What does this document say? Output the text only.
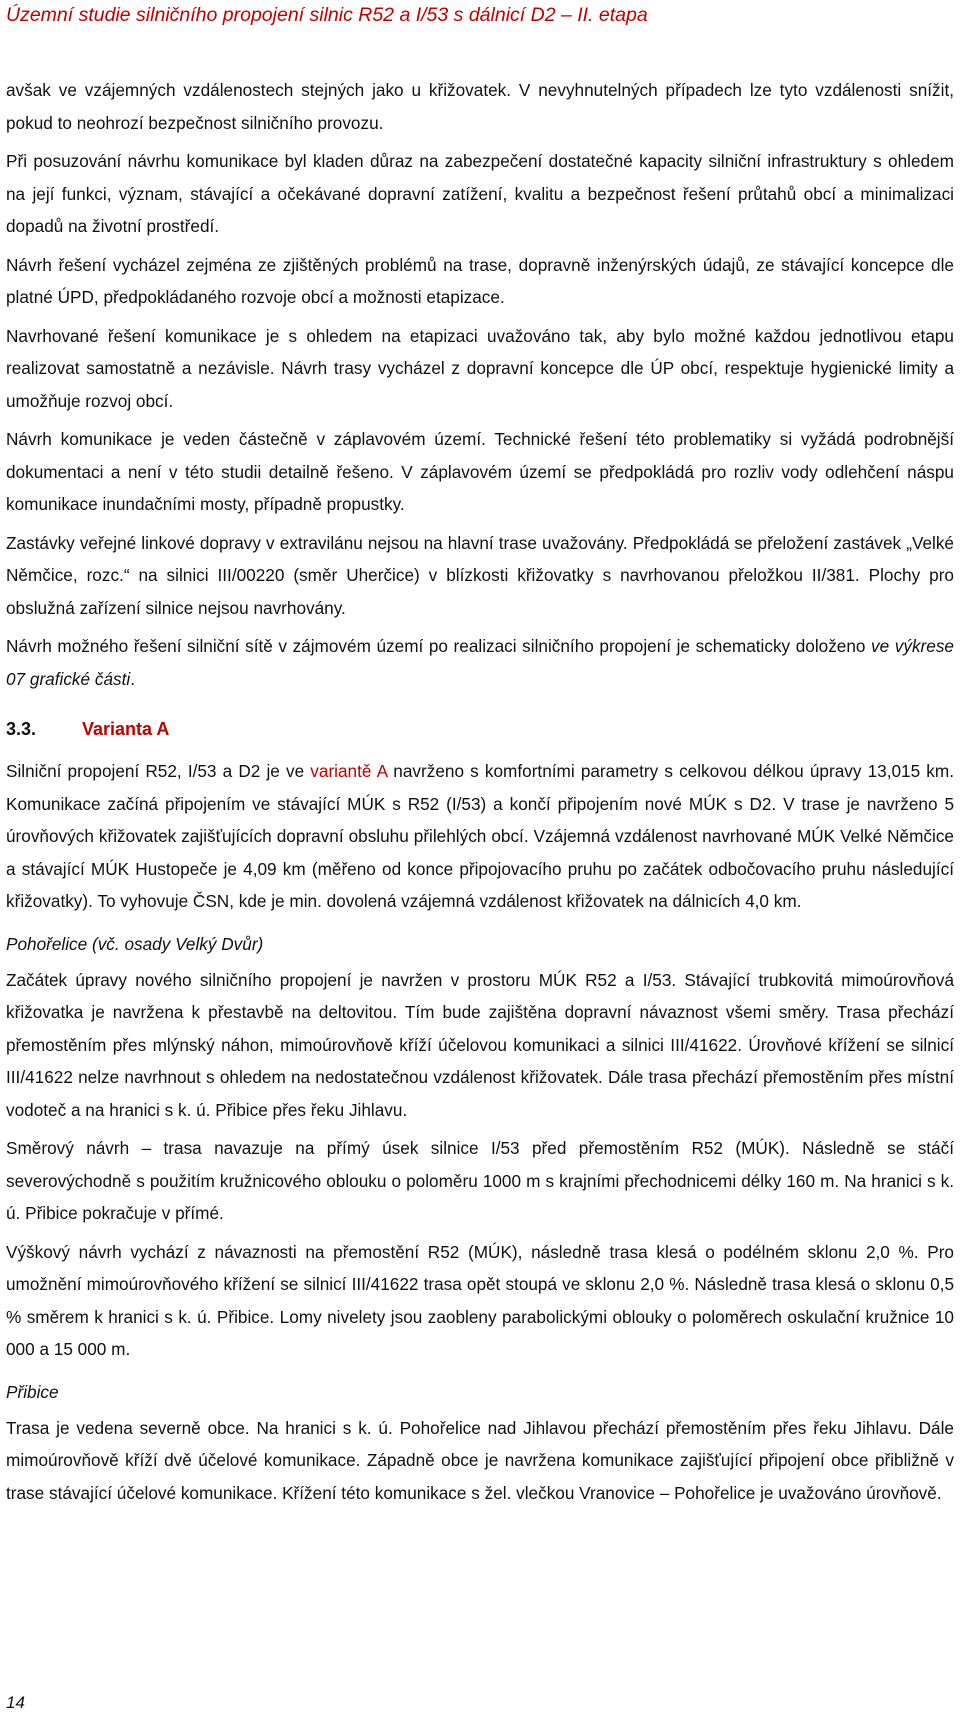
Územní studie silničního propojení silnic R52 a I/53 s dálnicí D2 – II. etapa

avšak ve vzájemných vzdálenostech stejných jako u křižovatek. V nevyhnutelných případech lze tyto vzdálenosti snížit, pokud to neohrozí bezpečnost silničního provozu.

Při posuzování návrhu komunikace byl kladen důraz na zabezpečení dostatečné kapacity silniční infrastruktury s ohledem na její funkci, význam, stávající a očekávané dopravní zatížení, kvalitu a bezpečnost řešení průtahů obcí a minimalizaci dopadů na životní prostředí.

Návrh řešení vycházel zejména ze zjištěných problémů na trase, dopravně inženýrských údajů, ze stávající koncepce dle platné ÚPD, předpokládaného rozvoje obcí a možnosti etapizace.

Navrhované řešení komunikace je s ohledem na etapizaci uvažováno tak, aby bylo možné každou jednotlivou etapu realizovat samostatně a nezávisle. Návrh trasy vycházel z dopravní koncepce dle ÚP obcí, respektuje hygienické limity a umožňuje rozvoj obcí.

Návrh komunikace je veden částečně v záplavovém území. Technické řešení této problematiky si vyžádá podrobnější dokumentaci a není v této studii detailně řešeno. V záplavovém území se předpokládá pro rozliv vody odlehčení náspu komunikace inundačními mosty, případně propustky.

Zastávky veřejné linkové dopravy v extravilánu nejsou na hlavní trase uvažovány. Předpokládá se přeložení zastávek „Velké Němčice, rozc.“ na silnici III/00220 (směr Uherčice) v blízkosti křižovatky s navrhovanou přeložkou II/381. Plochy pro obslužná zařízení silnice nejsou navrhovány.

Návrh možného řešení silniční sítě v zájmovém území po realizaci silničního propojení je schematicky doloženo ve výkrese 07 grafické části.

3.3.	Varianta A

Silniční propojení R52, I/53 a D2 je ve variantě A navrženo s komfortními parametry s celkovou délkou úpravy 13,015 km. Komunikace začíná připojením ve stávající MÚK s R52 (I/53) a končí připojením nové MÚK s D2. V trase je navrženo 5 úrovňových křižovatek zajišťujících dopravní obsluhu přilehlých obcí. Vzájemná vzdálenost navrhované MÚK Velké Němčice a stávající MÚK Hustopeče je 4,09 km (měřeno od konce připojovacího pruhu po začátek odbočovacího pruhu následující křižovatky). To vyhovuje ČSN, kde je min. dovolená vzájemná vzdálenost křižovatek na dálnicích 4,0 km.

Pohořelice (vč. osady Velký Dvůr)

Začátek úpravy nového silničního propojení je navržen v prostoru MÚK R52 a I/53. Stávající trubkovitá mimoúrovňová křižovatka je navržena k přestavbě na deltovitou. Tím bude zajištěna dopravní návaznost všemi směry. Trasa přechází přemostěním přes mlýnský náhon, mimoúrovňově kříží účelovou komunikaci a silnici III/41622. Úrovňové křížení se silnicí III/41622 nelze navrhnout s ohledem na nedostatečnou vzdálenost křižovatek. Dále trasa přechází přemostěním přes místní vodoteč a na hranici s k. ú. Přibice přes řeku Jihlavu.

Směrový návrh – trasa navazuje na přímý úsek silnice I/53 před přemostěním R52 (MÚK). Následně se stáčí severovýchodně s použitím kružnicového oblouku o poloměru 1000 m s krajními přechodnicemi délky 160 m. Na hranici s k. ú. Přibice pokračuje v přímé.

Výškový návrh vychází z návaznosti na přemostění R52 (MÚK), následně trasa klesá o podélném sklonu 2,0 %. Pro umožnění mimoúrovňového křížení se silnicí III/41622 trasa opět stoupá ve sklonu 2,0 %. Následně trasa klesá o sklonu 0,5 % směrem k hranici s k. ú. Přibice. Lomy nivelety jsou zaobleny parabolickými oblouky o poloměrech oskulační kružnice 10 000 a 15 000 m.

Přibice

Trasa je vedena severně obce. Na hranici s k. ú. Pohořelice nad Jihlavou přechází přemostěním přes řeku Jihlavu. Dále mimoúrovňově kříží dvě účelové komunikace. Západně obce je navržena komunikace zajišťující připojení obce přibližně v trase stávající účelové komunikace. Křížení této komunikace s žel. vlečkou Vranovice – Pohořelice je uvažováno úrovňově.

14
